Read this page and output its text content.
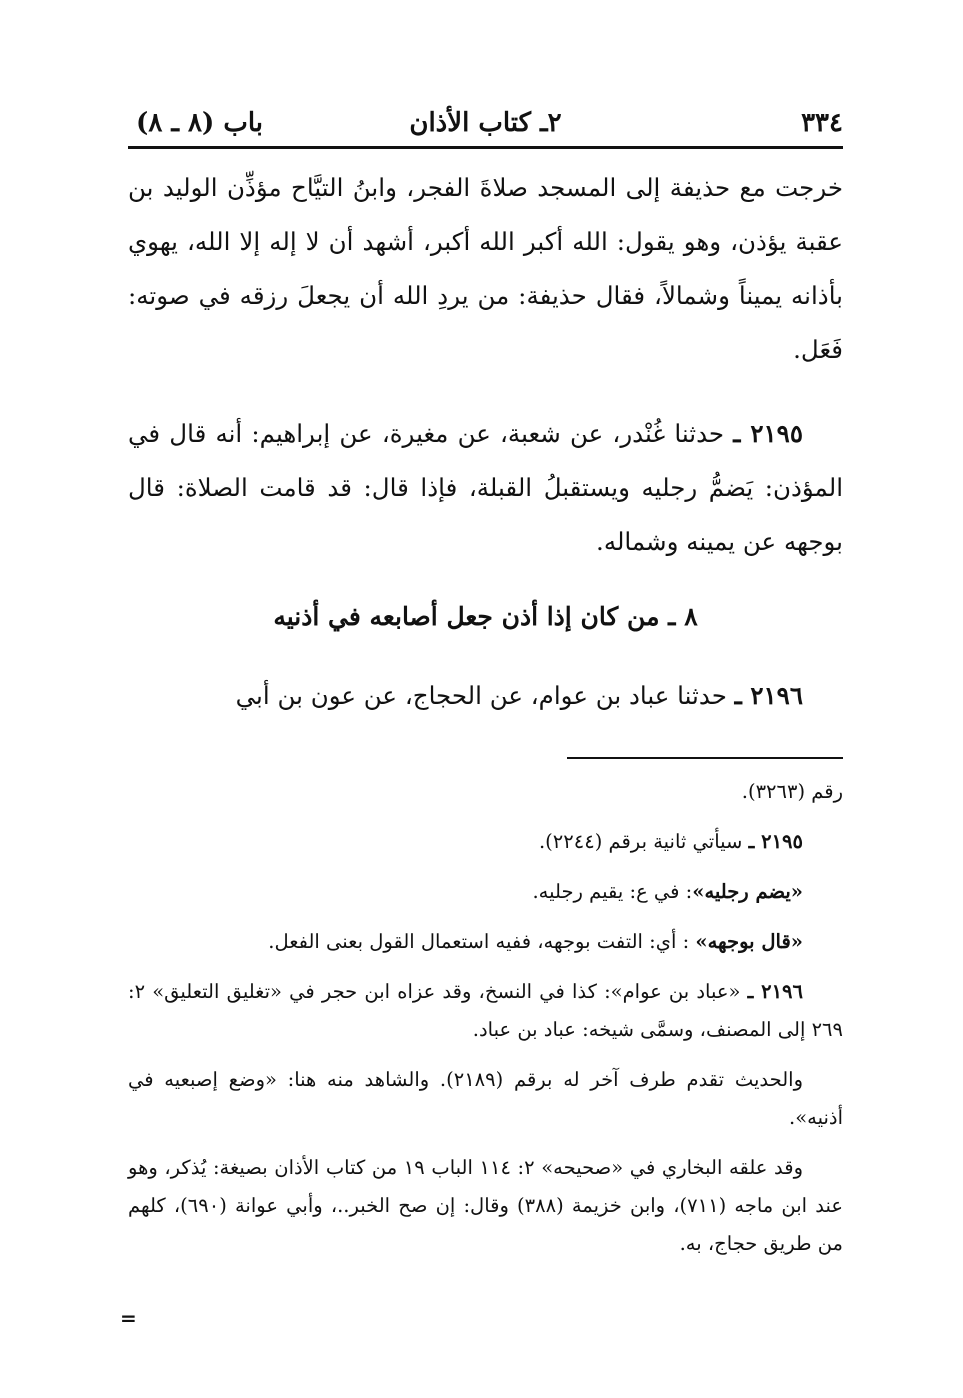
٣٣٤
٢ـ كتاب الأذان
باب (٨ ـ ٨)

خرجت مع حذيفة إلى المسجد صلاةَ الفجر، وابنُ التيَّاح مؤذِّن الوليد بن عقبة يؤذن، وهو يقول: الله أكبر الله أكبر، أشهد أن لا إله إلا الله، يهوي بأذانه يميناً وشمالاً، فقال حذيفة: من يردِ الله أن يجعلَ رزقه في صوته: فَعَل.

٢١٩٥ ـ حدثنا غُنْدر، عن شعبة، عن مغيرة، عن إبراهيم: أنه قال في المؤذن: يَضمُّ رجليه ويستقبلُ القبلة، فإذا قال: قد قامت الصلاة: قال بوجهه عن يمينه وشماله.

٨ ـ من كان إذا أذن جعل أصابعه في أذنيه

٢١٩٦ ـ حدثنا عباد بن عوام، عن الحجاج، عن عون بن أبي

رقم (٣٢٦٣).

٢١٩٥ ـ سيأتي ثانية برقم (٢٢٤٤).

«يضم رجليه»: في ع: يقيم رجليه.

«قال بوجهه» : أي: التفت بوجهه، ففيه استعمال القول بعنى الفعل.

٢١٩٦ ـ «عباد بن عوام»: كذا في النسخ، وقد عزاه ابن حجر في «تغليق التعليق» ٢: ٢٦٩ إلى المصنف، وسمَّى شيخه: عباد بن عباد.

والحديث تقدم طرف آخر له برقم (٢١٨٩). والشاهد منه هنا: «وضع إصبعيه في أذنيه».

وقد علقه البخاري في «صحيحه» ٢: ١١٤ الباب ١٩ من كتاب الأذان بصيغة: يُذكر، وهو عند ابن ماجه (٧١١)، وابن خزيمة (٣٨٨) وقال: إن صح الخبر..، وأبي عوانة (٦٩٠)، كلهم من طريق حجاج، به.

=
